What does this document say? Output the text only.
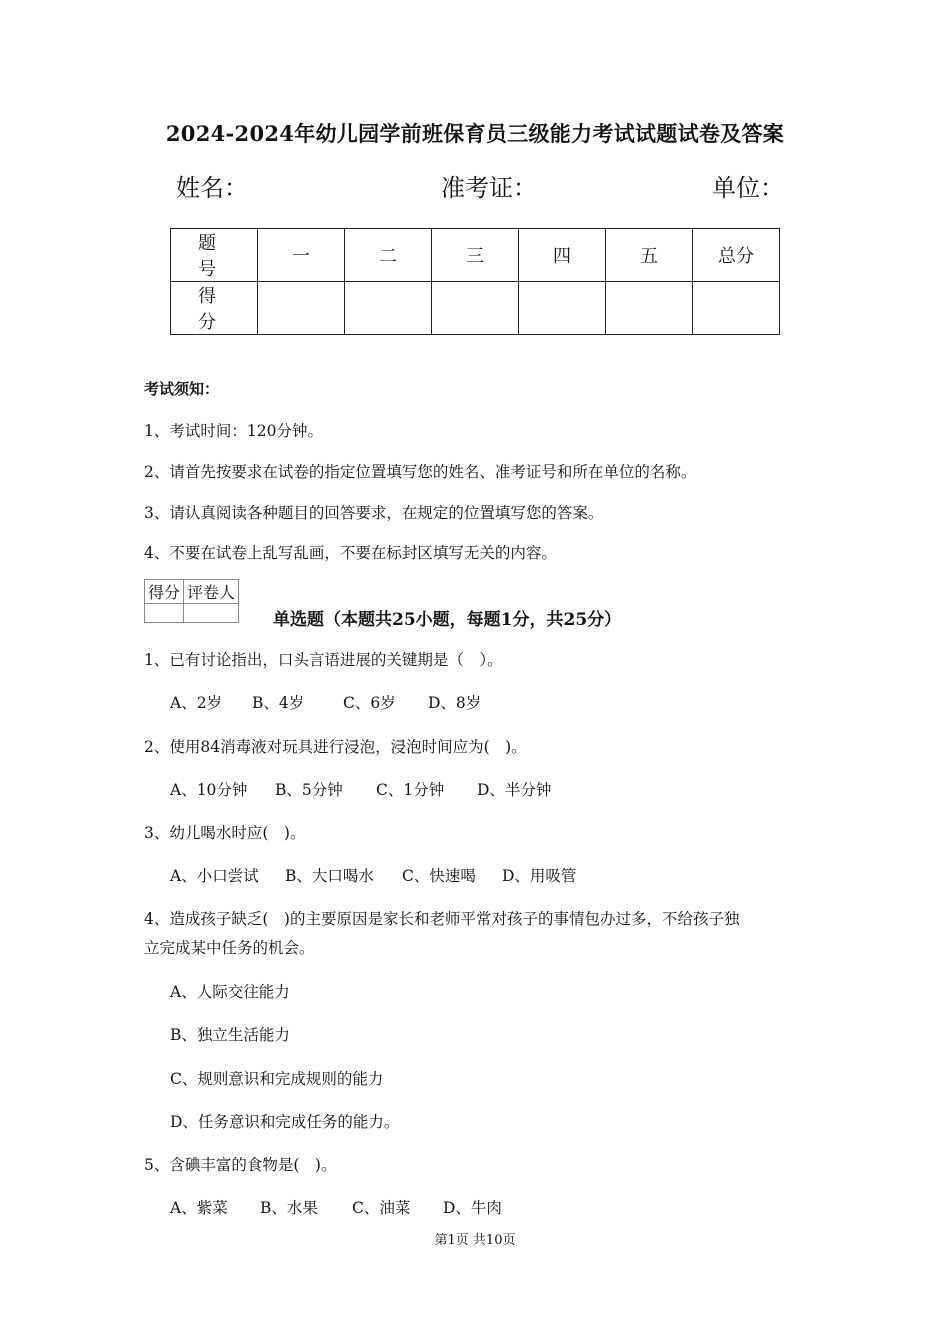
2024-2024年幼儿园学前班保育员三级能力考试试题试卷及答案
姓名：	准考证：	单位：
题　号	一	二	三	四	五	总分
得　分						
考试须知：
1、考试时间：120分钟。
2、请首先按要求在试卷的指定位置填写您的姓名、准考证号和所在单位的名称。
3、请认真阅读各种题目的回答要求，在规定的位置填写您的答案。
4、不要在试卷上乱写乱画，不要在标封区填写无关的内容。
得分	评卷人

单选题（本题共25小题，每题1分，共25分）
1、已有讨论指出，口头言语进展的关键期是（　）。
A、2岁 B、4岁 C、6岁 D、8岁
2、使用84消毒液对玩具进行浸泡，浸泡时间应为(　)。
A、10分钟 B、5分钟 C、1分钟 D、半分钟
3、幼儿喝水时应(　)。
A、小口尝试 B、大口喝水 C、快速喝 D、用吸管
4、造成孩子缺乏(　)的主要原因是家长和老师平常对孩子的事情包办过多，不给孩子独
立完成某中任务的机会。
A、人际交往能力
B、独立生活能力
C、规则意识和完成规则的能力
D、任务意识和完成任务的能力。
5、含碘丰富的食物是(　)。
A、紫菜 B、水果 C、油菜 D、牛肉
第1页 共10页
